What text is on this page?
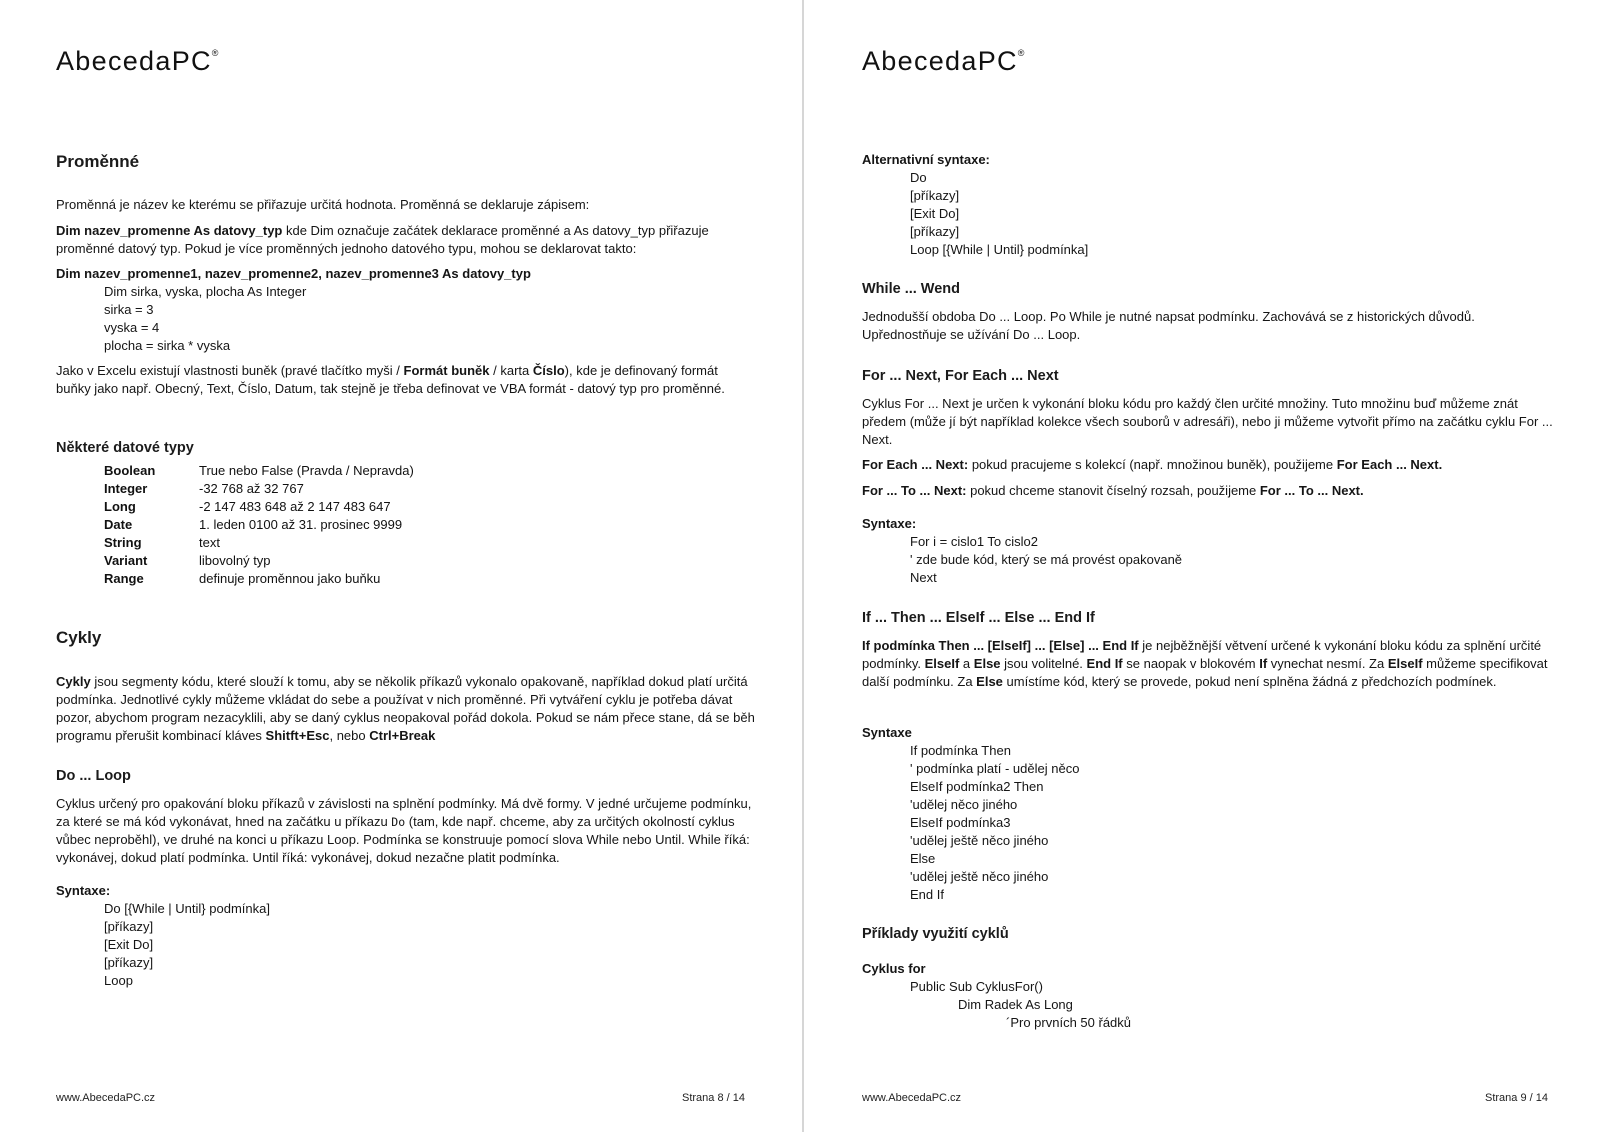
AbecedaPC®
Proměnné
Proměnná je název ke kterému se přiřazuje určitá hodnota. Proměnná se deklaruje zápisem:
Dim nazev_promenne As datovy_typ kde Dim označuje začátek deklarace proměnné a As datovy_typ přiřazuje proměnné datový typ. Pokud je více proměnných jednoho datového typu, mohou se deklarovat takto:
Dim nazev_promenne1, nazev_promenne2, nazev_promenne3 As datovy_typ
Dim sirka, vyska, plocha As Integer
sirka = 3
vyska = 4
plocha = sirka * vyska
Jako v Excelu existují vlastnosti buněk (pravé tlačítko myši / Formát buněk / karta Číslo), kde je definovaný formát buňky jako např. Obecný, Text, Číslo, Datum, tak stejně je třeba definovat ve VBA formát - datový typ pro proměnné.
Některé datové typy
Boolean	True nebo False (Pravda / Nepravda)
Integer	-32 768 až 32 767
Long	-2 147 483 648 až 2 147 483 647
Date	1. leden 0100 až 31. prosinec 9999
String	text
Variant	libovolný typ
Range	definuje proměnnou jako buňku
Cykly
Cykly jsou segmenty kódu, které slouží k tomu, aby se několik příkazů vykonalo opakovaně, například dokud platí určitá podmínka. Jednotlivé cykly můžeme vkládat do sebe a používat v nich proměnné. Při vytváření cyklu je potřeba dávat pozor, abychom program nezacyklili, aby se daný cyklus neopakoval pořád dokola. Pokud se nám přece stane, dá se běh programu přerušit kombinací kláves Shitft+Esc, nebo Ctrl+Break
Do ... Loop
Cyklus určený pro opakování bloku příkazů v závislosti na splnění podmínky. Má dvě formy. V jedné určujeme podmínku, za které se má kód vykonávat, hned na začátku u příkazu Do (tam, kde např. chceme, aby za určitých okolností cyklus vůbec neproběhl), ve druhé na konci u příkazu Loop. Podmínka se konstruuje pomocí slova While nebo Until. While říká: vykonávej, dokud platí podmínka. Until říká: vykonávej, dokud nezačne platit podmínka.
Syntaxe:
Do [{While | Until} podmínka]
[příkazy]
[Exit Do]
[příkazy]
Loop
www.AbecedaPC.cz	Strana 8 / 14
AbecedaPC®
Alternativní syntaxe:
Do
[příkazy]
[Exit Do]
[příkazy]
Loop [{While | Until} podmínka]
While ... Wend
Jednodušší obdoba Do ... Loop. Po While je nutné napsat podmínku. Zachovává se z historických důvodů. Upřednostňuje se užívání Do ... Loop.
For ... Next, For Each ... Next
Cyklus For ... Next je určen k vykonání bloku kódu pro každý člen určité množiny. Tuto množinu buď můžeme znát předem (může jí být například kolekce všech souborů v adresáři), nebo ji můžeme vytvořit přímo na začátku cyklu For ... Next.
For Each ... Next: pokud pracujeme s kolekcí (např. množinou buněk), použijeme For Each ... Next.
For ... To ... Next: pokud chceme stanovit číselný rozsah, použijeme For ... To ... Next.
Syntaxe:
For i = cislo1 To cislo2
' zde bude kód, který se má provést opakovaně
Next
If ... Then ... ElseIf ... Else ... End If
If podmínka Then ... [ElseIf] ... [Else] ... End If je nejběžnější větvení určené k vykonání bloku kódu za splnění určité podmínky. ElseIf a Else jsou volitelné. End If se naopak v blokovém If vynechat nesmí. Za ElseIf můžeme specifikovat další podmínku. Za Else umístíme kód, který se provede, pokud není splněna žádná z předchozích podmínek.
Syntaxe
If podmínka Then
' podmínka platí - udělej něco
ElseIf podmínka2 Then
'udělej něco jiného
ElseIf podmínka3
'udělej ještě něco jiného
Else
'udělej ještě něco jiného
End If
Příklady využití cyklů
Cyklus for
Public Sub CyklusFor()
Dim Radek As Long
´Pro prvních 50 řádků
www.AbecedaPC.cz	Strana 9 / 14
